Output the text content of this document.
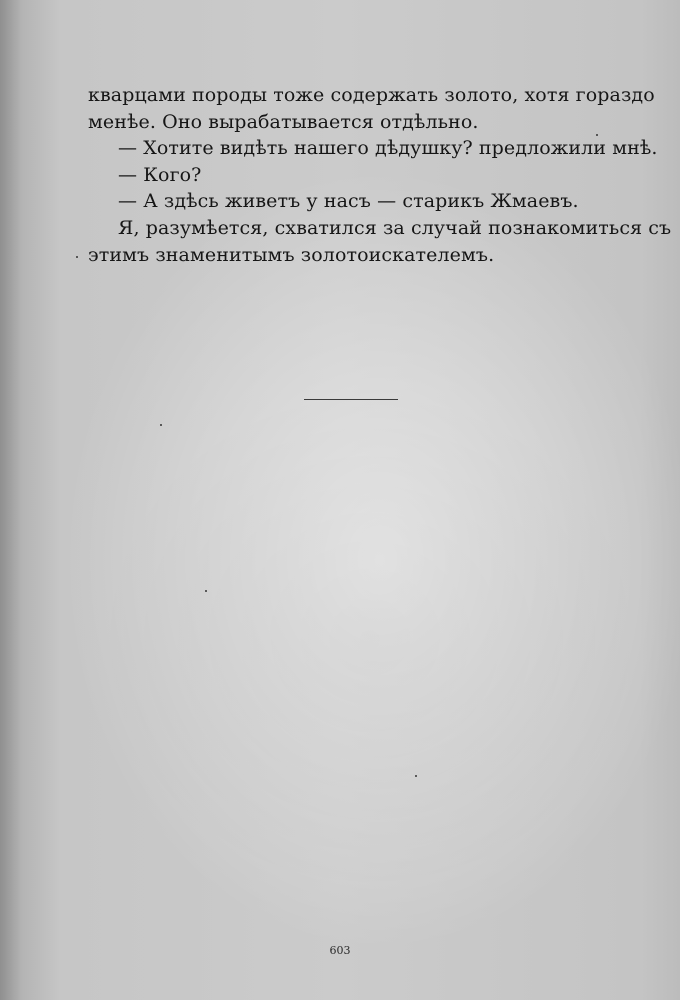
кварцами породы тоже содержать золото, хотя гораздо
менѣе. Оно вырабатывается отдѣльно.
— Хотите видѣть нашего дѣдушку? предложили мнѣ.
— Кого?
— А здѣсь живетъ у насъ — старикъ Жмаевъ.
Я, разумѣется, схватился за случай познакомиться съ
этимъ знаменитымъ золотоискателемъ.
603
